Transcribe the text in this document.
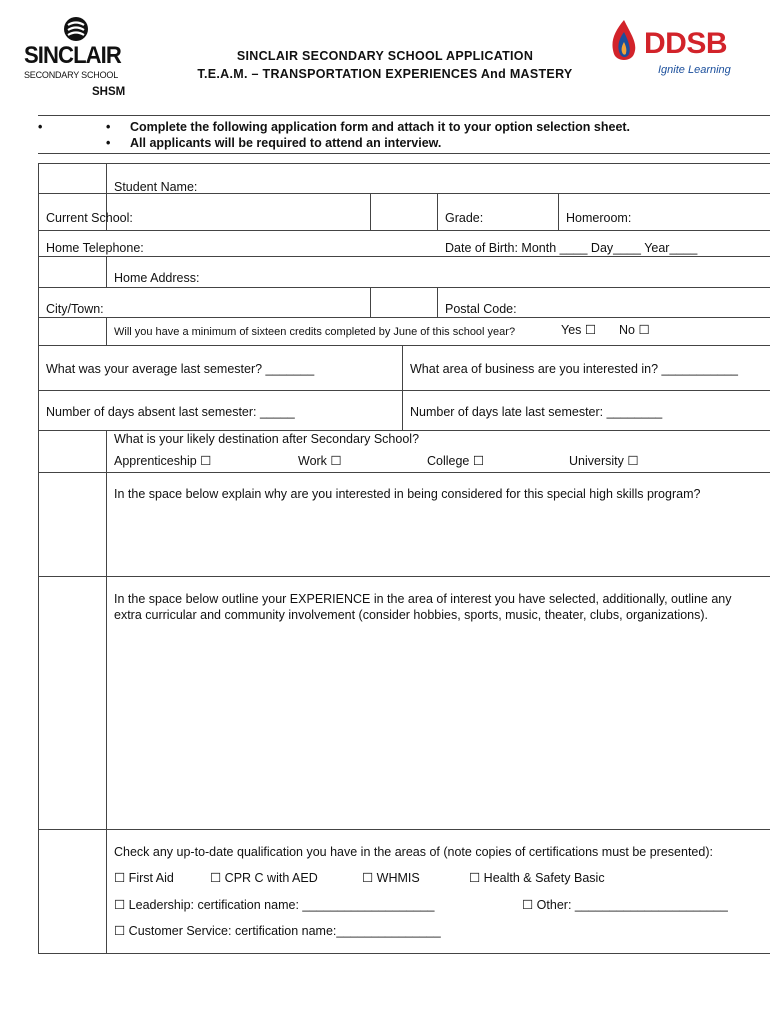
SINCLAIR
SECONDARY SCHOOL
SINCLAIR SECONDARY SCHOOL APPLICATION
T.E.A.M. – TRANSPORTATION EXPERIENCES And MASTERY
SHSM
DDSB
Ignite Learning
•	•
•
Complete the following application form and attach it to your option selection sheet.
All applicants will be required to attend an interview.
Student Name:
Current School:	Grade:	Homeroom:
Home Telephone:	Date of Birth: Month ____ Day____ Year____
Home Address:
City/Town:	Postal Code:
Will you have a minimum of sixteen credits completed by June of this school year?	Yes ☐ No ☐
What was your average last semester? _______	What area of business are you interested in? ___________
Number of days absent last semester: _____	Number of days late last semester: ________
What is your likely destination after Secondary School?
Apprenticeship ☐	Work ☐	College ☐	University ☐
In the space below explain why are you interested in being considered for this special high skills program?
In the space below outline your EXPERIENCE in the area of interest you have selected, additionally, outline any extra curricular and community involvement (consider hobbies, sports, music, theater, clubs, organizations).
Check any up-to-date qualification you have in the areas of (note copies of certifications must be presented):
☐ First Aid	☐ CPR C with AED	☐ WHMIS	☐ Health & Safety Basic
☐ Leadership: certification name: ___________________	☐ Other: ______________________
☐ Customer Service: certification name:_______________
